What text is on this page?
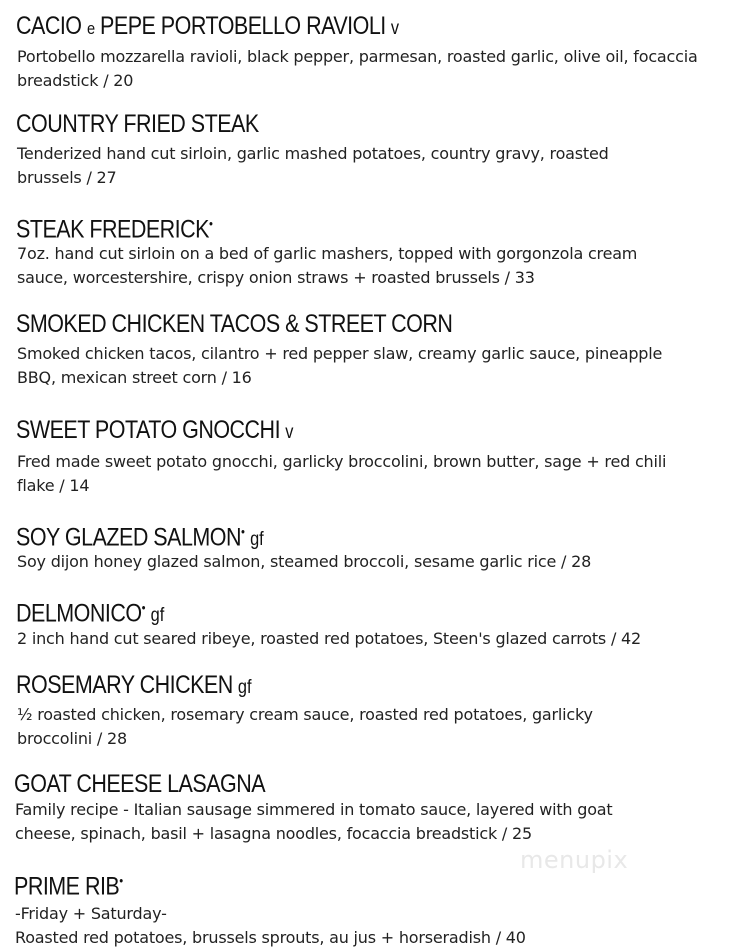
CACIO e PEPE PORTOBELLO RAVIOLI v
Portobello mozzarella ravioli, black pepper, parmesan, roasted garlic, olive oil, focaccia
breadstick / 20
COUNTRY FRIED STEAK
Tenderized hand cut sirloin, garlic mashed potatoes, country gravy, roasted
brussels / 27
STEAK FREDERICK•
7oz. hand cut sirloin on a bed of garlic mashers, topped with gorgonzola cream
sauce, worcestershire, crispy onion straws + roasted brussels / 33
SMOKED CHICKEN TACOS & STREET CORN
Smoked chicken tacos, cilantro + red pepper slaw, creamy garlic sauce, pineapple
BBQ, mexican street corn / 16
SWEET POTATO GNOCCHI v
Fred made sweet potato gnocchi, garlicky broccolini, brown butter, sage + red chili
flake / 14
SOY GLAZED SALMON• gf
Soy dijon honey glazed salmon, steamed broccoli, sesame garlic rice / 28
DELMONICO• gf
2 inch hand cut seared ribeye, roasted red potatoes, Steen's glazed carrots / 42
ROSEMARY CHICKEN gf
½ roasted chicken, rosemary cream sauce, roasted red potatoes, garlicky
broccolini / 28
GOAT CHEESE LASAGNA
Family recipe - Italian sausage simmered in tomato sauce, layered with goat
cheese, spinach, basil + lasagna noodles, focaccia breadstick / 25
PRIME RIB•
-Friday + Saturday-
Roasted red potatoes, brussels sprouts, au jus + horseradish / 40
menupix
